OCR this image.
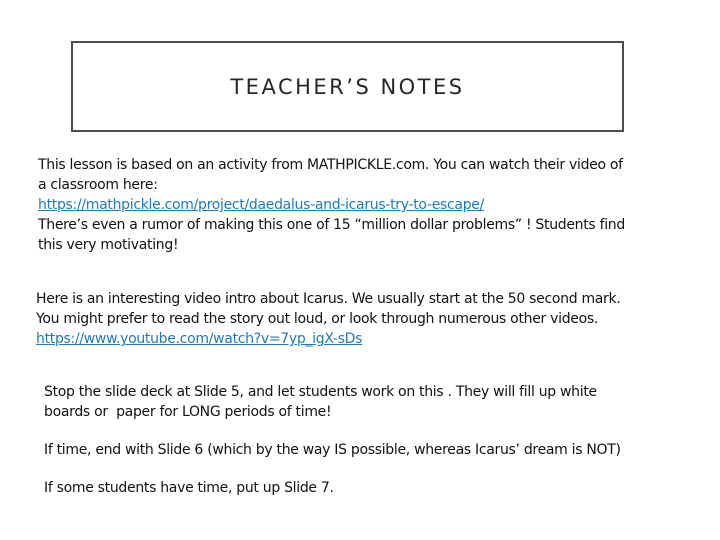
TEACHER’S NOTES

This lesson is based on an activity from MATHPICKLE.com. You can watch their video of

a classroom here:

https://mathpickle.com/project/daedalus-and-icarus-try-to-escape/

There’s even a rumor of making this one of 15 “million dollar problems” ! Students find

this very motivating!

Here is an interesting video intro about Icarus. We usually start at the 50 second mark.

You might prefer to read the story out loud, or look through numerous other videos.

https://www.youtube.com/watch?v=7yp_igX-sDs

Stop the slide deck at Slide 5, and let students work on this . They will fill up white

boards or  paper for LONG periods of time!

If time, end with Slide 6 (which by the way IS possible, whereas Icarus’ dream is NOT)

If some students have time, put up Slide 7.
